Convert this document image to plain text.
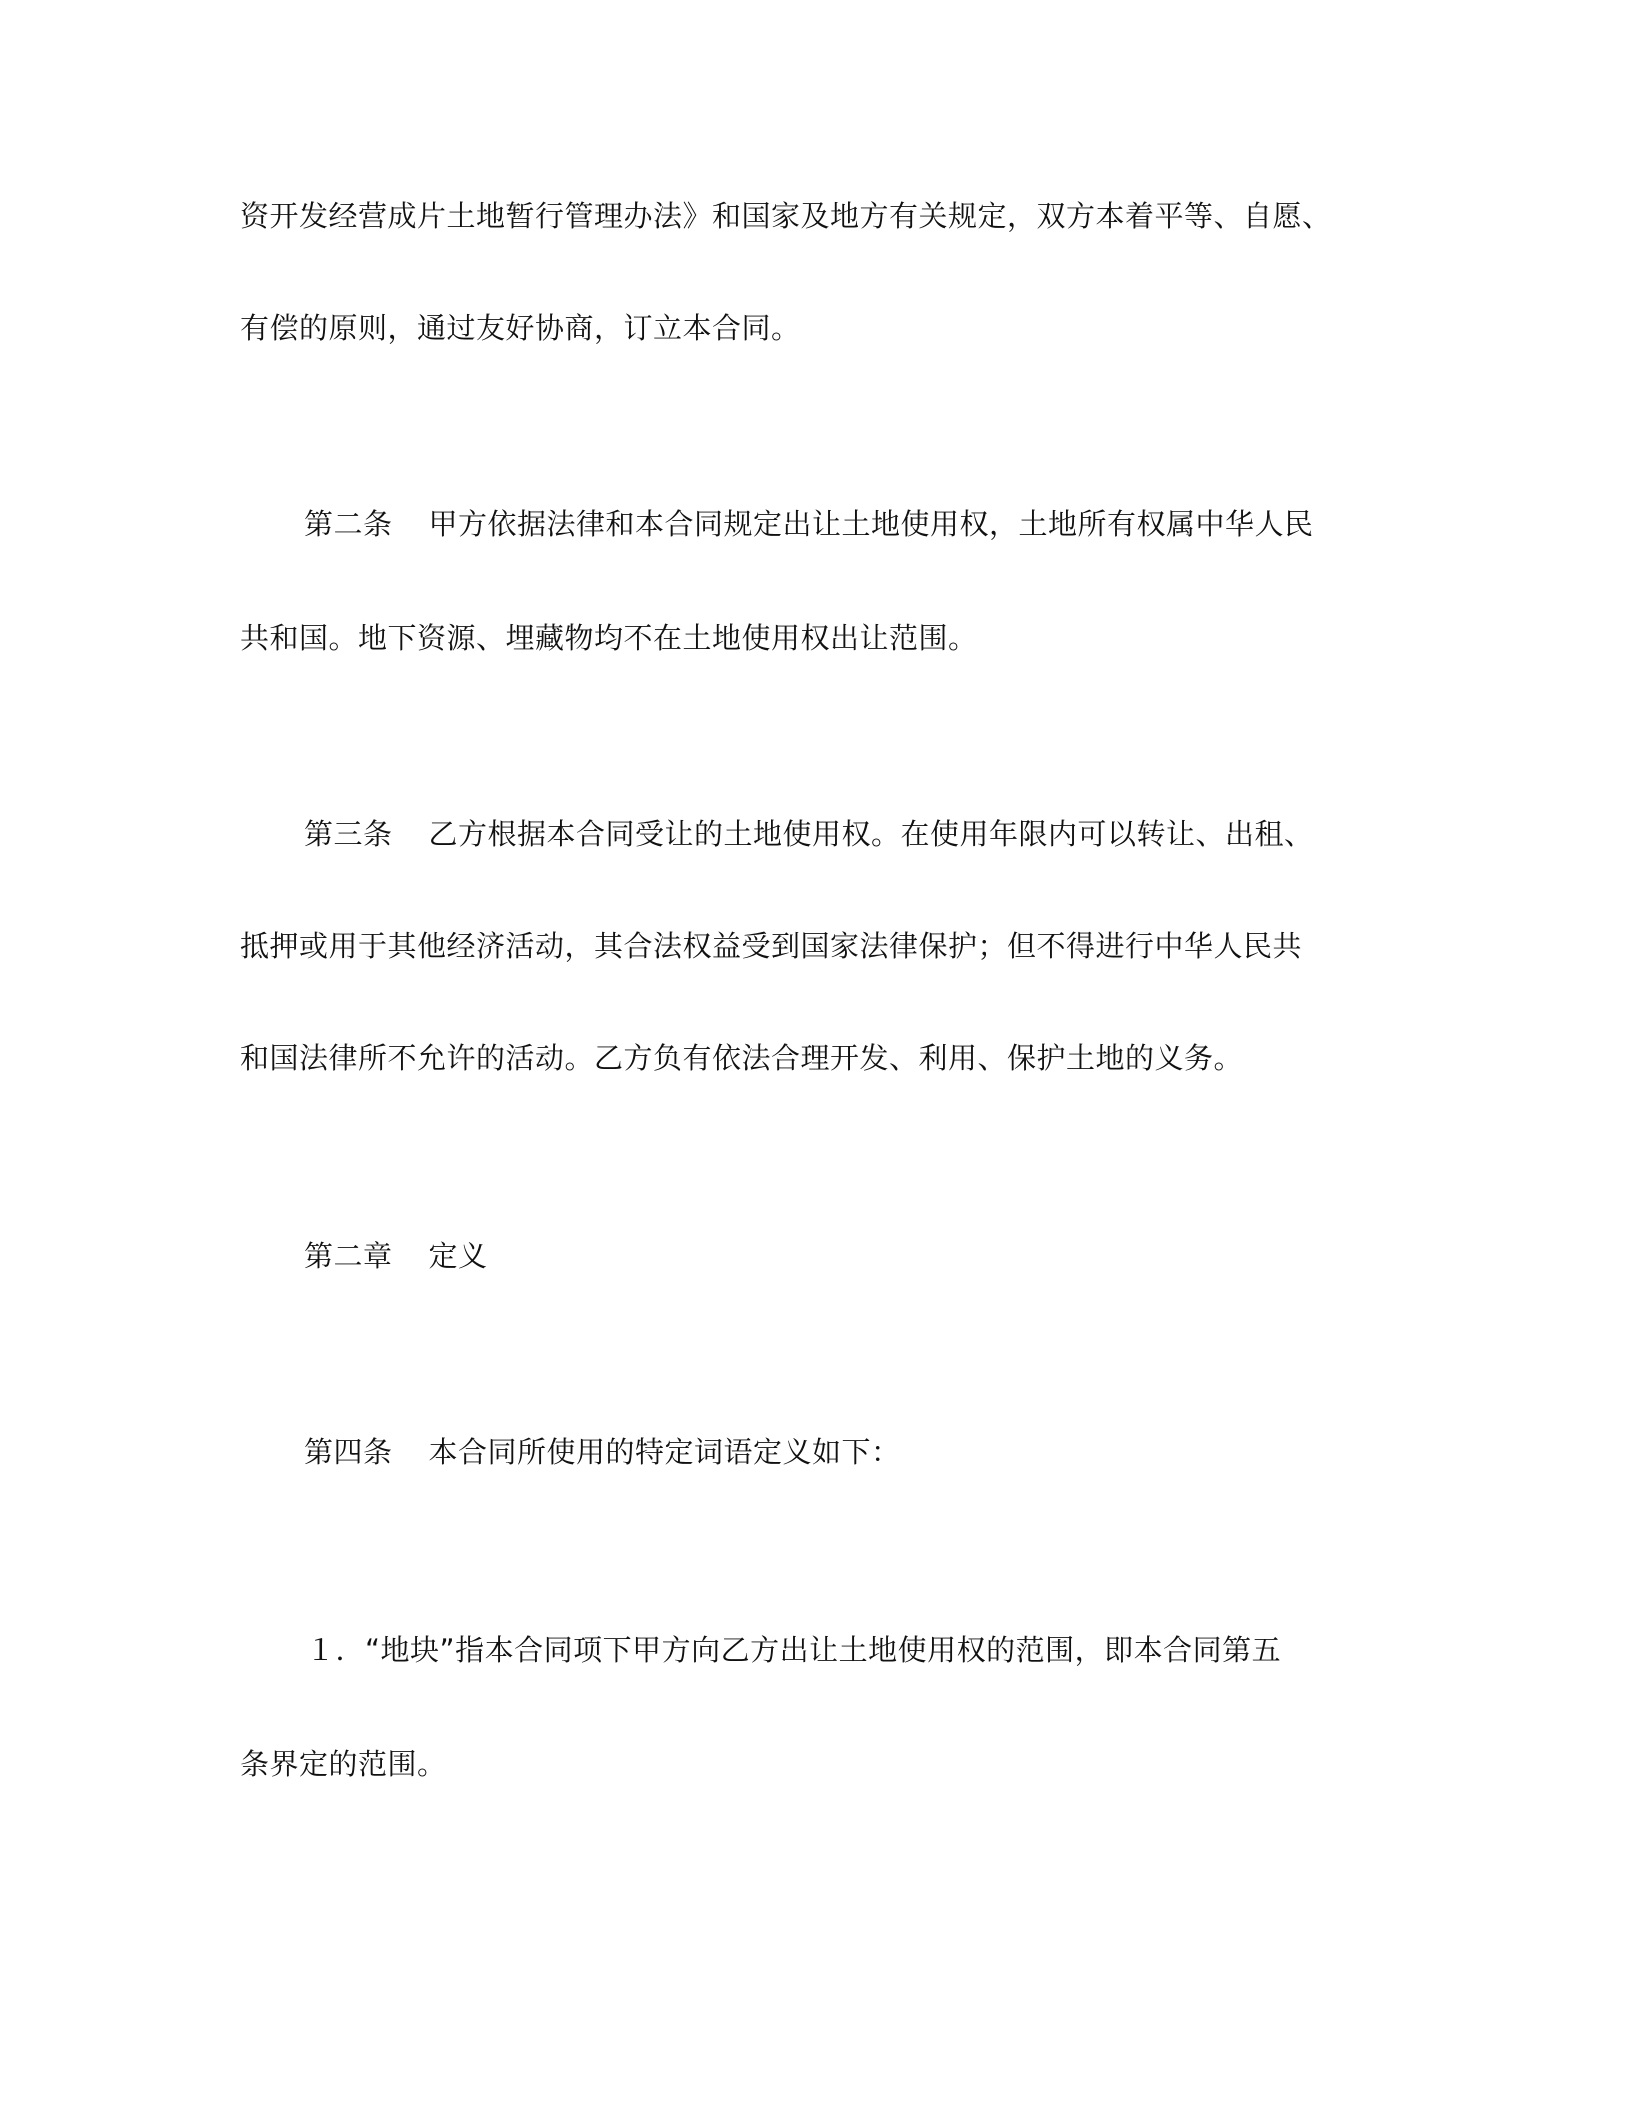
资开发经营成片土地暂行管理办法》和国家及地方有关规定，双方本着平等、自愿、
有偿的原则，通过友好协商，订立本合同。
第二条 甲方依据法律和本合同规定出让土地使用权，土地所有权属中华人民
共和国。地下资源、埋藏物均不在土地使用权出让范围。
第三条 乙方根据本合同受让的土地使用权。在使用年限内可以转让、出租、
抵押或用于其他经济活动，其合法权益受到国家法律保护；但不得进行中华人民共
和国法律所不允许的活动。乙方负有依法合理开发、利用、保护土地的义务。
第二章 定义
第四条 本合同所使用的特定词语定义如下：
１．“地块”指本合同项下甲方向乙方出让土地使用权的范围，即本合同第五
条界定的范围。
